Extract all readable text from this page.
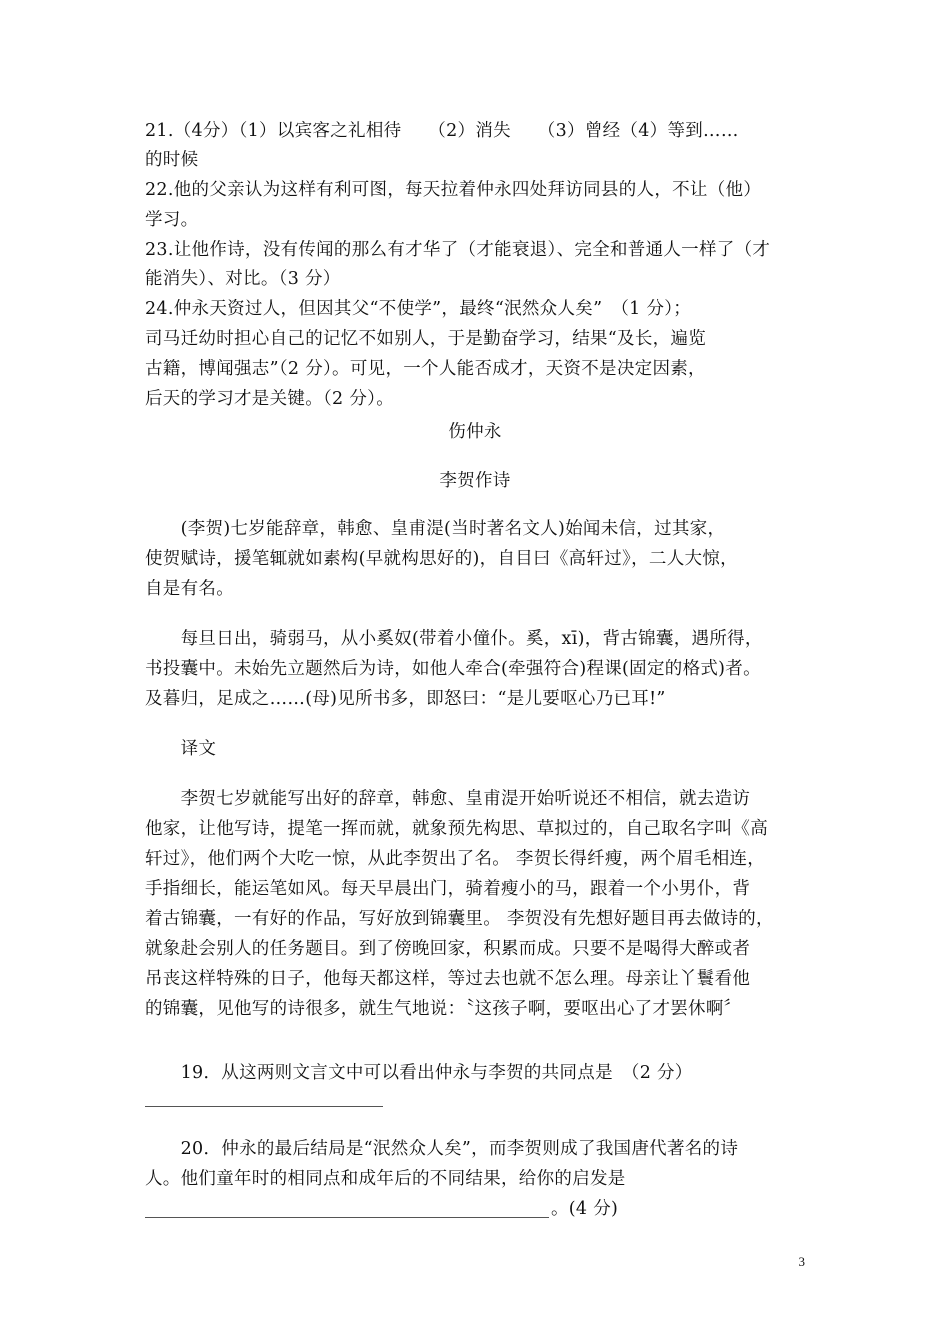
21.（4分）（1）以宾客之礼相待　　（2）消失　　（3）曾经（4）等到……
的时候
22.他的父亲认为这样有利可图，每天拉着仲永四处拜访同县的人，不让（他）
学习。
23.让他作诗，没有传闻的那么有才华了（才能衰退）、完全和普通人一样了（才
能消失）、对比。（3 分）
24.仲永天资过人，但因其父“不使学”，最终“泯然众人矣”　（1 分）；
司马迁幼时担心自己的记忆不如别人，于是勤奋学习，结果“及长，遍览
古籍，博闻强志”（2 分）。可见，一个人能否成才，天资不是决定因素，
后天的学习才是关键。（2 分）。
伤仲永
李贺作诗
　　(李贺)七岁能辞章，韩愈、皇甫湜(当时著名文人)始闻未信，过其家，
使贺赋诗，援笔辄就如素构(早就构思好的)，自目曰《高轩过》，二人大惊，
自是有名。
　　每旦日出，骑弱马，从小奚奴(带着小僮仆。奚，xī)，背古锦囊，遇所得，
书投囊中。未始先立题然后为诗，如他人牵合(牵强符合)程课(固定的格式)者。
及暮归，足成之……(母)见所书多，即怒曰：“是儿要呕心乃已耳!”
　　译文
　　李贺七岁就能写出好的辞章，韩愈、皇甫湜开始听说还不相信，就去造访
他家，让他写诗，提笔一挥而就，就象预先构思、草拟过的，自己取名字叫《高
轩过》，他们两个大吃一惊，从此李贺出了名。 李贺长得纤瘦，两个眉毛相连，
手指细长，能运笔如风。每天早晨出门，骑着瘦小的马，跟着一个小男仆，背
着古锦囊，一有好的作品，写好放到锦囊里。 李贺没有先想好题目再去做诗的，
就象赴会别人的任务题目。到了傍晚回家，积累而成。只要不是喝得大醉或者
吊丧这样特殊的日子，他每天都这样，等过去也就不怎么理。母亲让丫鬟看他
的锦囊，见他写的诗很多，就生气地说：〝这孩子啊，要呕出心了才罢休啊〞
　　19．从这两则文言文中可以看出仲永与李贺的共同点是　（2 分）
　　20．仲永的最后结局是“泯然众人矣”，而李贺则成了我国唐代著名的诗
人。他们童年时的相同点和成年后的不同结果，给你的启发是
。(4 分)
3
